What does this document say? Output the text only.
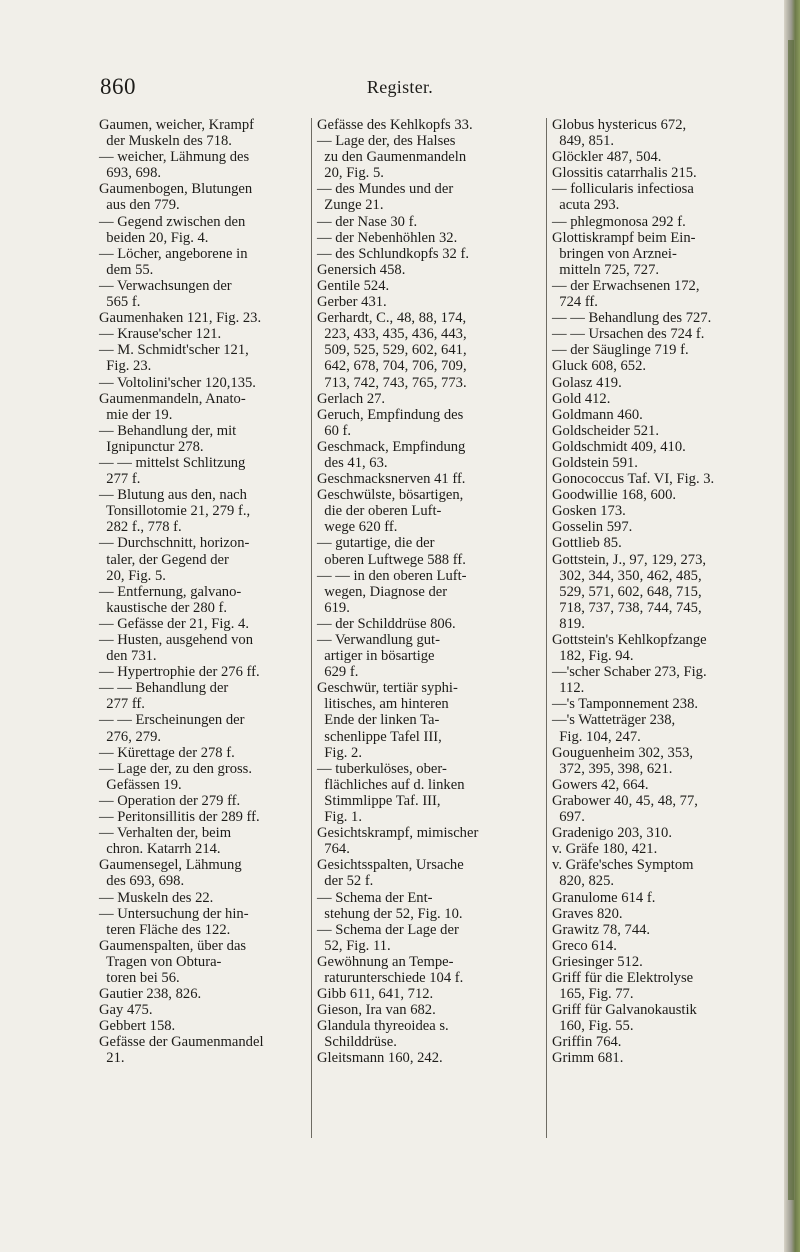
860	Register.
Gaumen, weicher, Krampf
der Muskeln des 718.
— weicher, Lähmung des
693, 698.
Gaumenbogen, Blutungen
aus den 779.
— Gegend zwischen den
beiden 20, Fig. 4.
— Löcher, angeborene in
dem 55.
— Verwachsungen der
565 f.
Gaumenhaken 121, Fig. 23.
— Krause'scher 121.
— M. Schmidt'scher 121,
Fig. 23.
— Voltolini'scher 120,135.
Gaumenmandeln, Anato-
mie der 19.
— Behandlung der, mit
Ignipunctur 278.
— — mittelst Schlitzung
277 f.
— Blutung aus den, nach
Tonsillotomie 21, 279 f.,
282 f., 778 f.
— Durchschnitt, horizon-
taler, der Gegend der
20, Fig. 5.
— Entfernung, galvano-
kaustische der 280 f.
— Gefässe der 21, Fig. 4.
— Husten, ausgehend von
den 731.
— Hypertrophie der 276 ff.
— — Behandlung der
277 ff.
— — Erscheinungen der
276, 279.
— Kürettage der 278 f.
— Lage der, zu den gross.
Gefässen 19.
— Operation der 279 ff.
— Peritonsillitis der 289 ff.
— Verhalten der, beim
chron. Katarrh 214.
Gaumensegel, Lähmung
des 693, 698.
— Muskeln des 22.
— Untersuchung der hin-
teren Fläche des 122.
Gaumenspalten, über das
Tragen von Obtura-
toren bei 56.
Gautier 238, 826.
Gay 475.
Gebbert 158.
Gefässe der Gaumenmandel
21.
Gefässe des Kehlkopfs 33.
— Lage der, des Halses
zu den Gaumenmandeln
20, Fig. 5.
— des Mundes und der
Zunge 21.
— der Nase 30 f.
— der Nebenhöhlen 32.
— des Schlundkopfs 32 f.
Genersich 458.
Gentile 524.
Gerber 431.
Gerhardt, C., 48, 88, 174,
223, 433, 435, 436, 443,
509, 525, 529, 602, 641,
642, 678, 704, 706, 709,
713, 742, 743, 765, 773.
Gerlach 27.
Geruch, Empfindung des
60 f.
Geschmack, Empfindung
des 41, 63.
Geschmacksnerven 41 ff.
Geschwülste, bösartigen,
die der oberen Luft-
wege 620 ff.
— gutartige, die der
oberen Luftwege 588 ff.
— — in den oberen Luft-
wegen, Diagnose der
619.
— der Schilddrüse 806.
— Verwandlung gut-
artiger in bösartige
629 f.
Geschwür, tertiär syphi-
litisches, am hinteren
Ende der linken Ta-
schenlippe Tafel III,
Fig. 2.
— tuberkulöses, ober-
flächliches auf d. linken
Stimmlippe Taf. III,
Fig. 1.
Gesichtskrampf, mimischer
764.
Gesichtsspalten, Ursache
der 52 f.
— Schema der Ent-
stehung der 52, Fig. 10.
— Schema der Lage der
52, Fig. 11.
Gewöhnung an Tempe-
raturunterschiede 104 f.
Gibb 611, 641, 712.
Gieson, Ira van 682.
Glandula thyreoidea s.
Schilddrüse.
Gleitsmann 160, 242.
Globus hystericus 672,
849, 851.
Glöckler 487, 504.
Glossitis catarrhalis 215.
— follicularis infectiosa
acuta 293.
— phlegmonosa 292 f.
Glottiskrampf beim Ein-
bringen von Arznei-
mitteln 725, 727.
— der Erwachsenen 172,
724 ff.
— — Behandlung des 727.
— — Ursachen des 724 f.
— der Säuglinge 719 f.
Gluck 608, 652.
Golasz 419.
Gold 412.
Goldmann 460.
Goldscheider 521.
Goldschmidt 409, 410.
Goldstein 591.
Gonococcus Taf. VI, Fig. 3.
Goodwillie 168, 600.
Gosken 173.
Gosselin 597.
Gottlieb 85.
Gottstein, J., 97, 129, 273,
302, 344, 350, 462, 485,
529, 571, 602, 648, 715,
718, 737, 738, 744, 745,
819.
Gottstein's Kehlkopfzange
182, Fig. 94.
—'scher Schaber 273, Fig.
112.
—'s Tamponnement 238.
—'s Watteträger 238,
Fig. 104, 247.
Gouguenheim 302, 353,
372, 395, 398, 621.
Gowers 42, 664.
Grabower 40, 45, 48, 77,
697.
Gradenigo 203, 310.
v. Gräfe 180, 421.
v. Gräfe'sches Symptom
820, 825.
Granulome 614 f.
Graves 820.
Grawitz 78, 744.
Greco 614.
Griesinger 512.
Griff für die Elektrolyse
165, Fig. 77.
Griff für Galvanokaustik
160, Fig. 55.
Griffin 764.
Grimm 681.
